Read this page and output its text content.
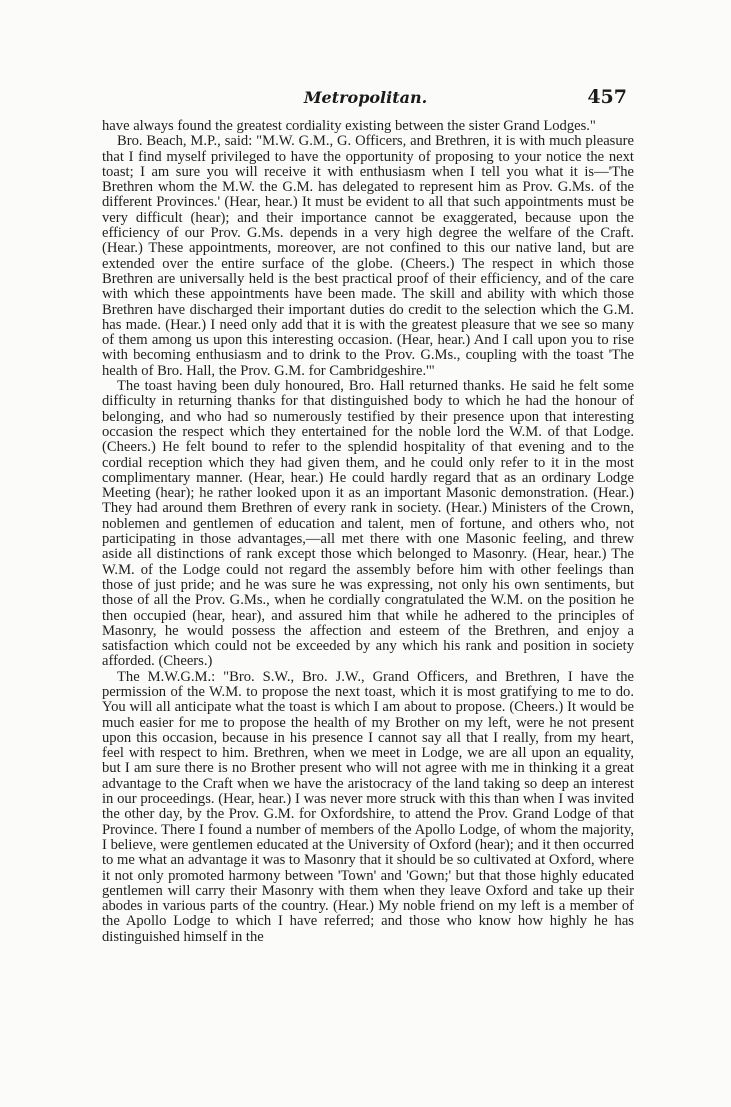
Metropolitan.	457

have always found the greatest cordiality existing between the sister Grand Lodges."

Bro. Beach, M.P., said: "M.W. G.M., G. Officers, and Brethren, it is with much pleasure that I find myself privileged to have the opportunity of proposing to your notice the next toast; I am sure you will receive it with enthusiasm when I tell you what it is—'The Brethren whom the M.W. the G.M. has delegated to represent him as Prov. G.Ms. of the different Provinces.' (Hear, hear.) It must be evident to all that such appointments must be very difficult (hear); and their importance cannot be exaggerated, because upon the efficiency of our Prov. G.Ms. depends in a very high degree the welfare of the Craft. (Hear.) These appointments, moreover, are not confined to this our native land, but are extended over the entire surface of the globe. (Cheers.) The respect in which those Brethren are universally held is the best practical proof of their efficiency, and of the care with which these appointments have been made. The skill and ability with which those Brethren have discharged their important duties do credit to the selection which the G.M. has made. (Hear.) I need only add that it is with the greatest pleasure that we see so many of them among us upon this interesting occasion. (Hear, hear.) And I call upon you to rise with becoming enthusiasm and to drink to the Prov. G.Ms., coupling with the toast 'The health of Bro. Hall, the Prov. G.M. for Cambridgeshire.'"

The toast having been duly honoured, Bro. Hall returned thanks. He said he felt some difficulty in returning thanks for that distinguished body to which he had the honour of belonging, and who had so numerously testified by their presence upon that interesting occasion the respect which they entertained for the noble lord the W.M. of that Lodge. (Cheers.) He felt bound to refer to the splendid hospitality of that evening and to the cordial reception which they had given them, and he could only refer to it in the most complimentary manner. (Hear, hear.) He could hardly regard that as an ordinary Lodge Meeting (hear); he rather looked upon it as an important Masonic demonstration. (Hear.) They had around them Brethren of every rank in society. (Hear.) Ministers of the Crown, noblemen and gentlemen of education and talent, men of fortune, and others who, not participating in those advantages,—all met there with one Masonic feeling, and threw aside all distinctions of rank except those which belonged to Masonry. (Hear, hear.) The W.M. of the Lodge could not regard the assembly before him with other feelings than those of just pride; and he was sure he was expressing, not only his own sentiments, but those of all the Prov. G.Ms., when he cordially congratulated the W.M. on the position he then occupied (hear, hear), and assured him that while he adhered to the principles of Masonry, he would possess the affection and esteem of the Brethren, and enjoy a satisfaction which could not be exceeded by any which his rank and position in society afforded. (Cheers.)

The M.W.G.M.: "Bro. S.W., Bro. J.W., Grand Officers, and Brethren, I have the permission of the W.M. to propose the next toast, which it is most gratifying to me to do. You will all anticipate what the toast is which I am about to propose. (Cheers.) It would be much easier for me to propose the health of my Brother on my left, were he not present upon this occasion, because in his presence I cannot say all that I really, from my heart, feel with respect to him. Brethren, when we meet in Lodge, we are all upon an equality, but I am sure there is no Brother present who will not agree with me in thinking it a great advantage to the Craft when we have the aristocracy of the land taking so deep an interest in our proceedings. (Hear, hear.) I was never more struck with this than when I was invited the other day, by the Prov. G.M. for Oxfordshire, to attend the Prov. Grand Lodge of that Province. There I found a number of members of the Apollo Lodge, of whom the majority, I believe, were gentlemen educated at the University of Oxford (hear); and it then occurred to me what an advantage it was to Masonry that it should be so cultivated at Oxford, where it not only promoted harmony between 'Town' and 'Gown;' but that those highly educated gentlemen will carry their Masonry with them when they leave Oxford and take up their abodes in various parts of the country. (Hear.) My noble friend on my left is a member of the Apollo Lodge to which I have referred; and those who know how highly he has distinguished himself in the
